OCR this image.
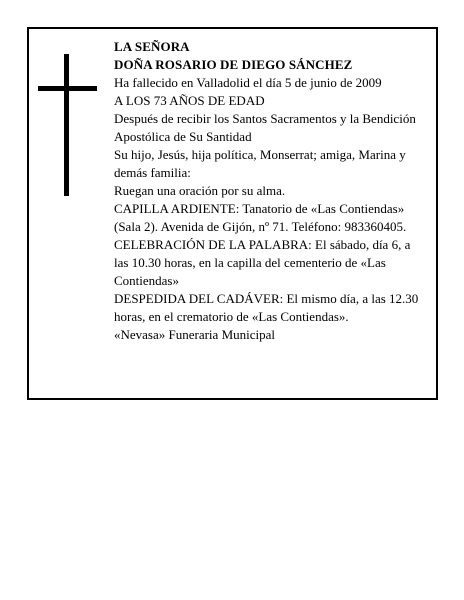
LA SEÑORA
DOÑA ROSARIO DE DIEGO SÁNCHEZ
Ha fallecido en Valladolid el día 5 de junio de 2009
A LOS 73 AÑOS DE EDAD
Después de recibir los Santos Sacramentos y la Bendición Apostólica de Su Santidad
Su hijo, Jesús, hija política, Monserrat; amiga, Marina y demás familia:
Ruegan una oración por su alma.
CAPILLA ARDIENTE: Tanatorio de «Las Contiendas» (Sala 2). Avenida de Gijón, nº 71. Teléfono: 983360405.
CELEBRACIÓN DE LA PALABRA: El sábado, día 6, a las 10.30 horas, en la capilla del cementerio de «Las Contiendas»
DESPEDIDA DEL CADÁVER: El mismo día, a las 12.30 horas, en el crematorio de «Las Contiendas».
«Nevasa» Funeraria Municipal
